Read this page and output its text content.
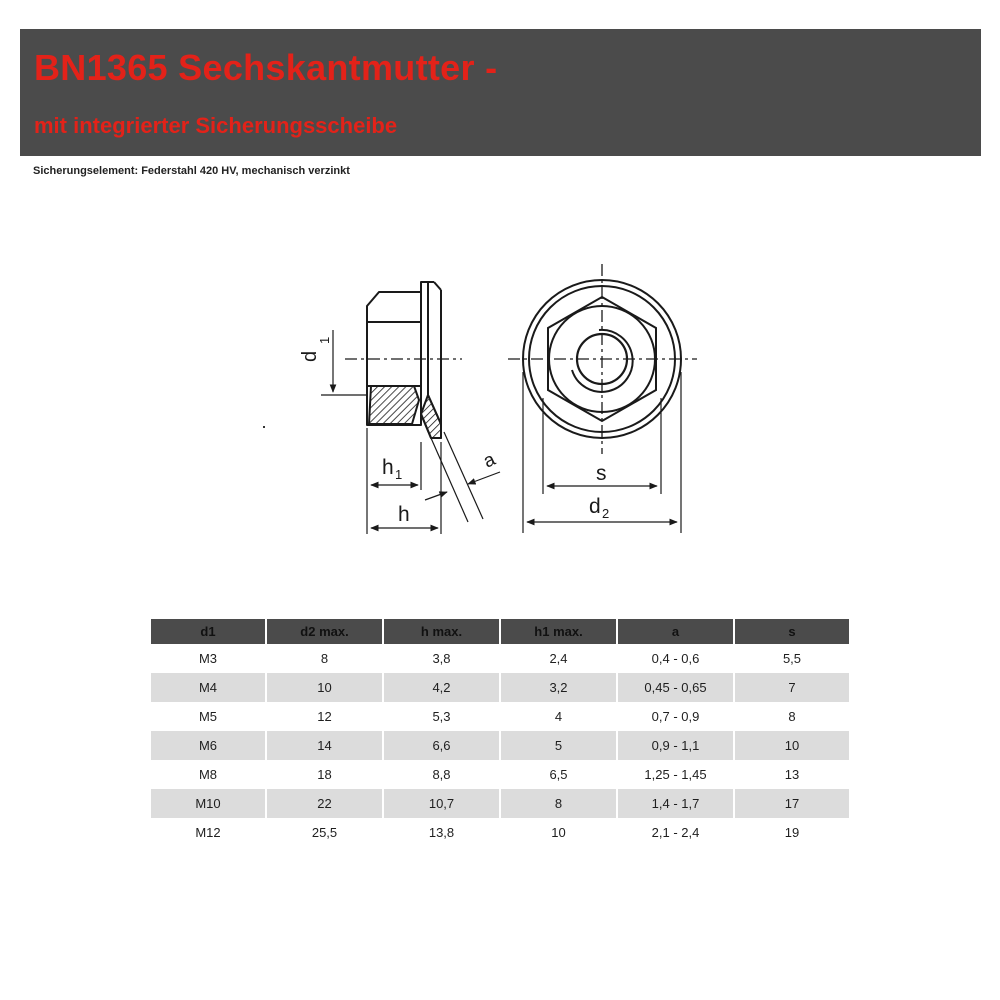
BN1365 Sechskantmutter -
mit integrierter Sicherungsscheibe
Sicherungselement: Federstahl 420 HV, mechanisch verzinkt
d
1
h 1
h
a
s
d 2
d1	d2 max.	h max.	h1 max.	a	s
M3	8	3,8	2,4	0,4 - 0,6	5,5
M4	10	4,2	3,2	0,45 - 0,65	7
M5	12	5,3	4	0,7 - 0,9	8
M6	14	6,6	5	0,9 - 1,1	10
M8	18	8,8	6,5	1,25 - 1,45	13
M10	22	10,7	8	1,4 - 1,7	17
M12	25,5	13,8	10	2,1 - 2,4	19
